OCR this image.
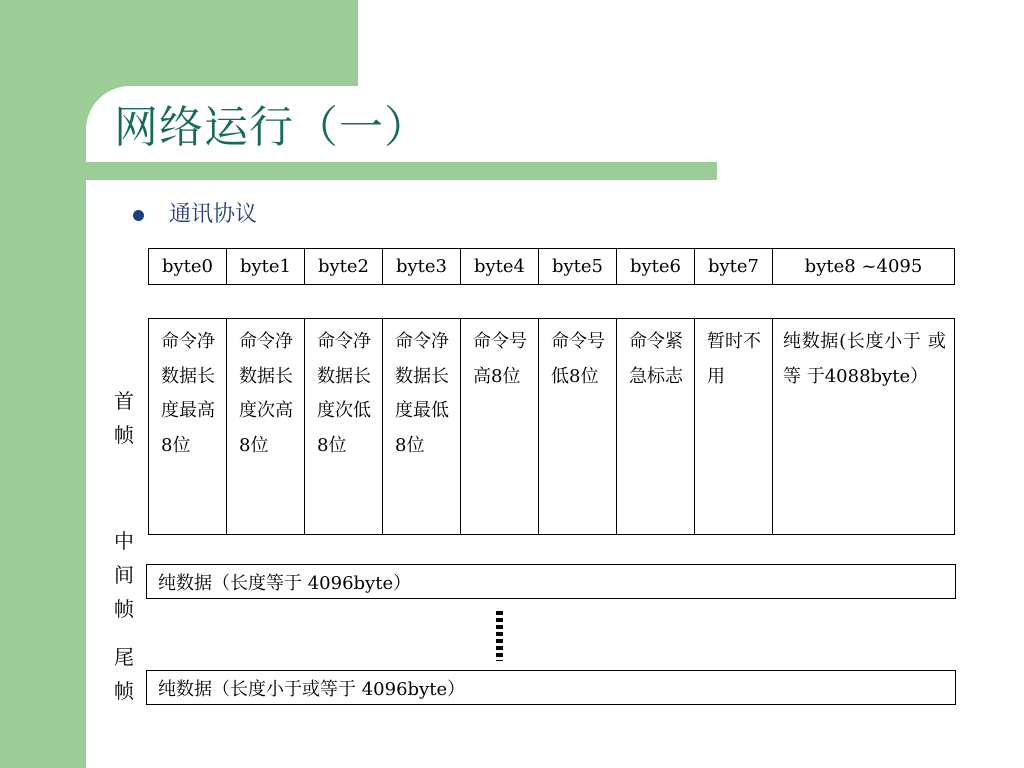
网络运行（一）
通讯协议
byte0	byte1	byte2	byte3	byte4	byte5	byte6	byte7	byte8 ~4095
首帧
命令净数据长度最高8位	命令净数据长度次高8位	命令净数据长度次低8位	命令净数据长度最低8位	命令号高8位	命令号低8位	命令紧急标志	暂时不用	纯数据(长度小于 或 等 于4088byte）
中间帧
纯数据（长度等于 4096byte）
尾帧 纯数据（长度小于或等于 4096byte）
